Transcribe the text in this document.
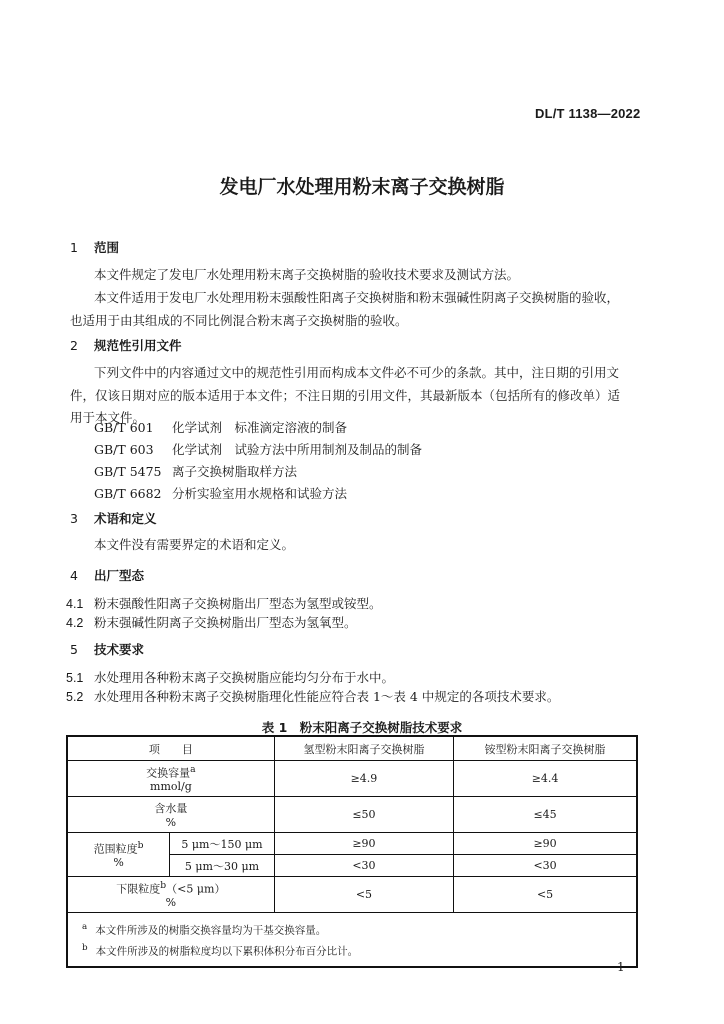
DL/T 1138—2022
发电厂水处理用粉末离子交换树脂
1 范围
本文件规定了发电厂水处理用粉末离子交换树脂的验收技术要求及测试方法。
本文件适用于发电厂水处理用粉末强酸性阳离子交换树脂和粉末强碱性阴离子交换树脂的验收，
也适用于由其组成的不同比例混合粉末离子交换树脂的验收。
2 规范性引用文件
下列文件中的内容通过文中的规范性引用而构成本文件必不可少的条款。其中，注日期的引用文
件，仅该日期对应的版本适用于本文件；不注日期的引用文件，其最新版本（包括所有的修改单）适
用于本文件。
GB/T 601 化学试剂　标准滴定溶液的制备
GB/T 603 化学试剂　试验方法中所用制剂及制品的制备
GB/T 5475 离子交换树脂取样方法
GB/T 6682 分析实验室用水规格和试验方法
3 术语和定义
本文件没有需要界定的术语和定义。
4 出厂型态
4.1 粉末强酸性阳离子交换树脂出厂型态为氢型或铵型。
4.2 粉末强碱性阴离子交换树脂出厂型态为氢氧型。
5 技术要求
5.1 水处理用各种粉末离子交换树脂应能均匀分布于水中。
5.2 水处理用各种粉末离子交换树脂理化性能应符合表 1～表 4 中规定的各项技术要求。
表 1　粉末阳离子交换树脂技术要求
项　　目		氢型粉末阳离子交换树脂	铵型粉末阳离子交换树脂
交换容量$^a$
mmol/g		≥4.9	≥4.4
含水量
%		≤50	≤45
范围粒度$^b$
%	5 μm～150 μm	≥90	≥90
	5 μm～30 μm	<30	<30
下限粒度$^b$（<5 μm）
%		<5	<5

$^a$ 本文件所涉及的树脂交换容量均为干基交换容量。
$^b$ 本文件所涉及的树脂粒度均以下累积体积分布百分比计。			
1
